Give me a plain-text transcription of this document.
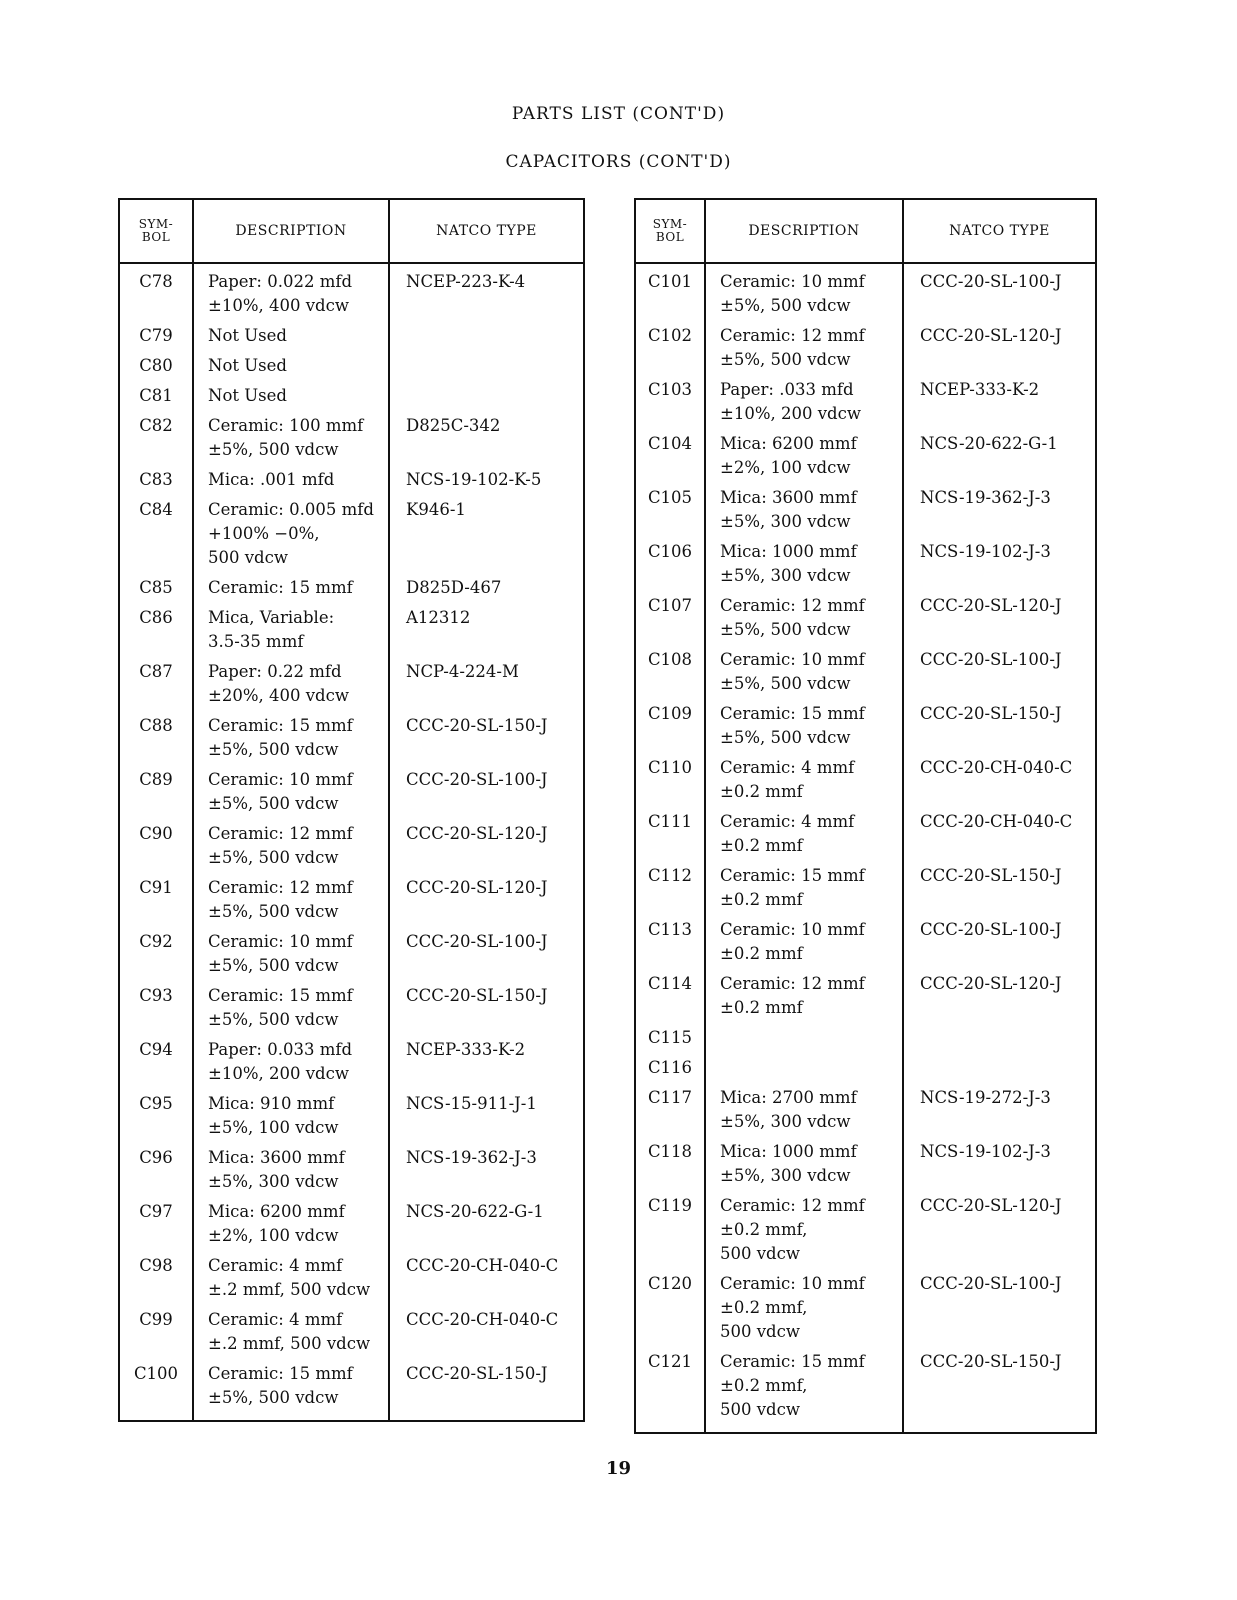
PARTS LIST (CONT'D)
CAPACITORS (CONT'D)
SYM-
BOL	DESCRIPTION	NATCO TYPE
C78	Paper: 0.022 mfd
±10%, 400 vdcw	NCEP-223-K-4
C79	Not Used	
C80	Not Used	
C81	Not Used	
C82	Ceramic: 100 mmf
±5%, 500 vdcw	D825C-342
C83	Mica: .001 mfd	NCS-19-102-K-5
C84	Ceramic: 0.005 mfd
+100% −0%,
500 vdcw	K946-1
C85	Ceramic: 15 mmf	D825D-467
C86	Mica, Variable:
3.5-35 mmf	A12312
C87	Paper: 0.22 mfd
±20%, 400 vdcw	NCP-4-224-M
C88	Ceramic: 15 mmf
±5%, 500 vdcw	CCC-20-SL-150-J
C89	Ceramic: 10 mmf
±5%, 500 vdcw	CCC-20-SL-100-J
C90	Ceramic: 12 mmf
±5%, 500 vdcw	CCC-20-SL-120-J
C91	Ceramic: 12 mmf
±5%, 500 vdcw	CCC-20-SL-120-J
C92	Ceramic: 10 mmf
±5%, 500 vdcw	CCC-20-SL-100-J
C93	Ceramic: 15 mmf
±5%, 500 vdcw	CCC-20-SL-150-J
C94	Paper: 0.033 mfd
±10%, 200 vdcw	NCEP-333-K-2
C95	Mica: 910 mmf
±5%, 100 vdcw	NCS-15-911-J-1
C96	Mica: 3600 mmf
±5%, 300 vdcw	NCS-19-362-J-3
C97	Mica: 6200 mmf
±2%, 100 vdcw	NCS-20-622-G-1
C98	Ceramic: 4 mmf
±.2 mmf, 500 vdcw	CCC-20-CH-040-C
C99	Ceramic: 4 mmf
±.2 mmf, 500 vdcw	CCC-20-CH-040-C
C100	Ceramic: 15 mmf
±5%, 500 vdcw	CCC-20-SL-150-J
SYM-
BOL	DESCRIPTION	NATCO TYPE
C101	Ceramic: 10 mmf
±5%, 500 vdcw	CCC-20-SL-100-J
C102	Ceramic: 12 mmf
±5%, 500 vdcw	CCC-20-SL-120-J
C103	Paper: .033 mfd
±10%, 200 vdcw	NCEP-333-K-2
C104	Mica: 6200 mmf
±2%, 100 vdcw	NCS-20-622-G-1
C105	Mica: 3600 mmf
±5%, 300 vdcw	NCS-19-362-J-3
C106	Mica: 1000 mmf
±5%, 300 vdcw	NCS-19-102-J-3
C107	Ceramic: 12 mmf
±5%, 500 vdcw	CCC-20-SL-120-J
C108	Ceramic: 10 mmf
±5%, 500 vdcw	CCC-20-SL-100-J
C109	Ceramic: 15 mmf
±5%, 500 vdcw	CCC-20-SL-150-J
C110	Ceramic: 4 mmf
±0.2 mmf	CCC-20-CH-040-C
C111	Ceramic: 4 mmf
±0.2 mmf	CCC-20-CH-040-C
C112	Ceramic: 15 mmf
±0.2 mmf	CCC-20-SL-150-J
C113	Ceramic: 10 mmf
±0.2 mmf	CCC-20-SL-100-J
C114	Ceramic: 12 mmf
±0.2 mmf	CCC-20-SL-120-J
C115		
C116		
C117	Mica: 2700 mmf
±5%, 300 vdcw	NCS-19-272-J-3
C118	Mica: 1000 mmf
±5%, 300 vdcw	NCS-19-102-J-3
C119	Ceramic: 12 mmf
±0.2 mmf,
500 vdcw	CCC-20-SL-120-J
C120	Ceramic: 10 mmf
±0.2 mmf,
500 vdcw	CCC-20-SL-100-J
C121	Ceramic: 15 mmf
±0.2 mmf,
500 vdcw	CCC-20-SL-150-J
19
